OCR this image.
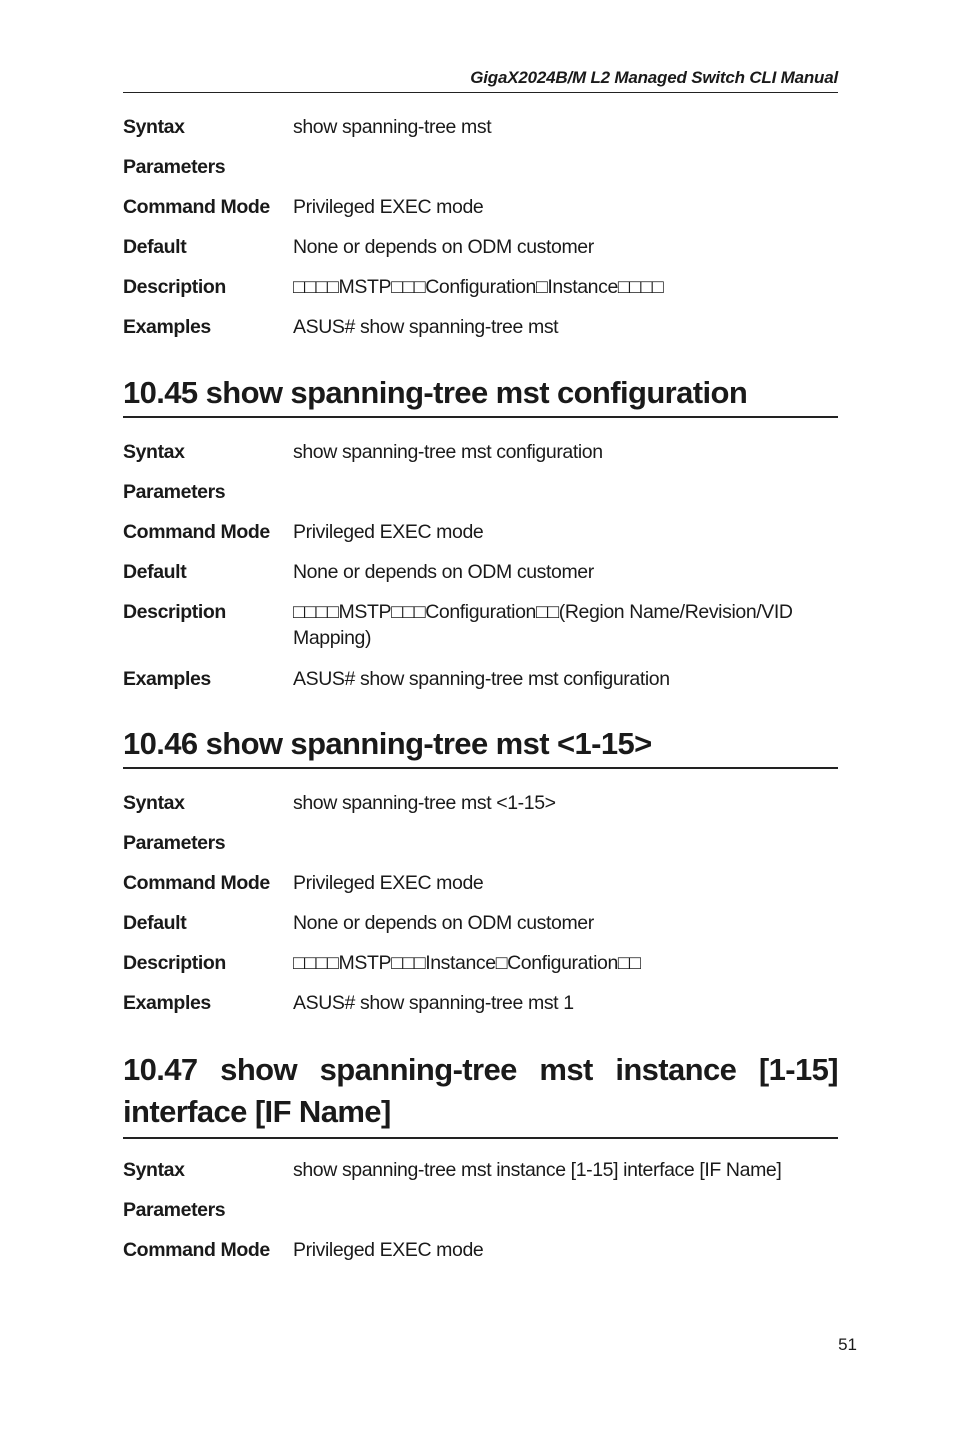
GigaX2024B/M L2 Managed Switch CLI Manual
Syntax	show spanning-tree mst
Parameters
Command Mode	Privileged EXEC mode
Default	None or depends on ODM customer
Description	□□□□MSTP□□□Configuration□Instance□□□□
Examples	ASUS# show spanning-tree mst
10.45 show spanning-tree mst configuration
Syntax	show spanning-tree mst configuration
Parameters
Command Mode	Privileged EXEC mode
Default	None or depends on ODM customer
Description	□□□□MSTP□□□Configuration□□(Region Name/Revision/VID Mapping)
Examples	ASUS# show spanning-tree mst configuration
10.46 show spanning-tree mst <1-15>
Syntax	show spanning-tree mst <1-15>
Parameters
Command Mode	Privileged EXEC mode
Default	None or depends on ODM customer
Description	□□□□MSTP□□□Instance□Configuration□□
Examples	ASUS# show spanning-tree mst 1
10.47 show spanning-tree mst instance [1-15] interface [IF Name]
Syntax	show spanning-tree mst instance [1-15] interface [IF Name]
Parameters
Command Mode	Privileged EXEC mode
51
